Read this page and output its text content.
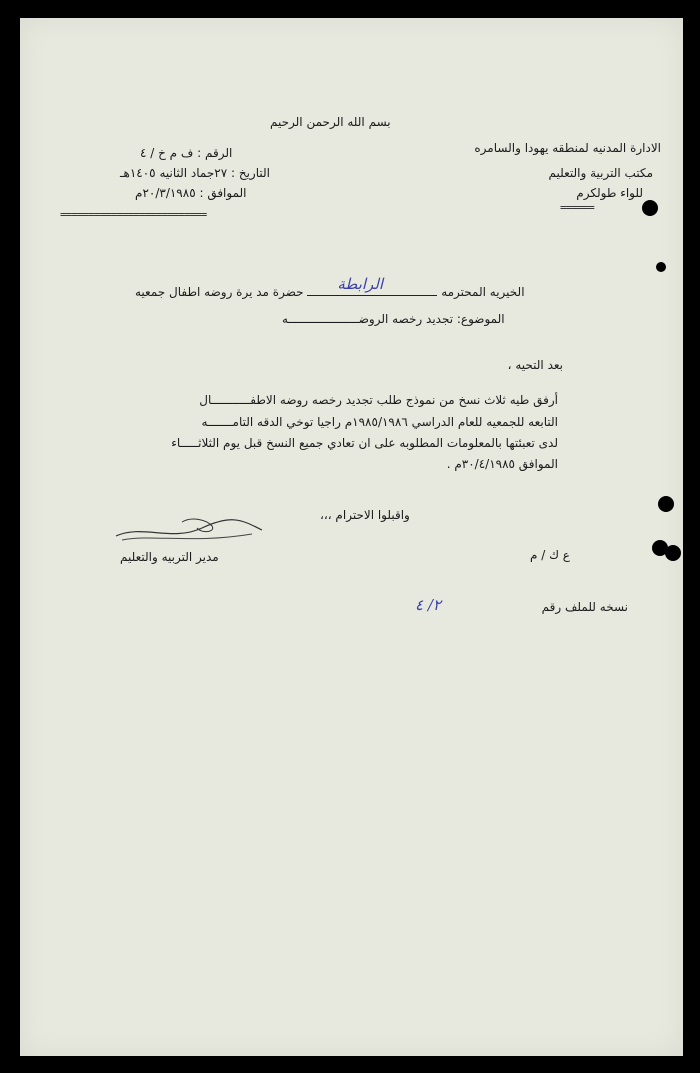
بسم الله الرحمن الرحيم
الادارة المدنيه لمنطقه يهودا والسامره
مكتب التربية والتعليم
للواء طولكرم
======
الرقم : ف م خ / ٤
التاريخ : ٢٧جماد الثانيه ١٤٠٥هـ
الموافق : ٢٠/٣/١٩٨٥م
==========================
الخيريه المحترمه
الرابطة
حضرة مد يرة روضه اطفال جمعيه
الموضوع: تجديد رخصه الروضــــــــــــــــــــه
بعد التحيه ،
أرفق طيه ثلاث نسخ من نموذج طلب تجديد رخصه روضه الاطفـــــــــــال
التابعه للجمعيه للعام الدراسي ١٩٨٥/١٩٨٦م راجيا توخي الدقه التامـــــــه
لدى تعبئتها بالمعلومات المطلوبه على ان تعادي جميع النسخ قبل يوم الثلاثـــــاء
الموافق ٣٠/٤/١٩٨٥م .
واقبلوا الاحترام ،،،
مدير التربيه والتعليم	ع ك / م
نسخه للملف رقم
٢/ ٤
